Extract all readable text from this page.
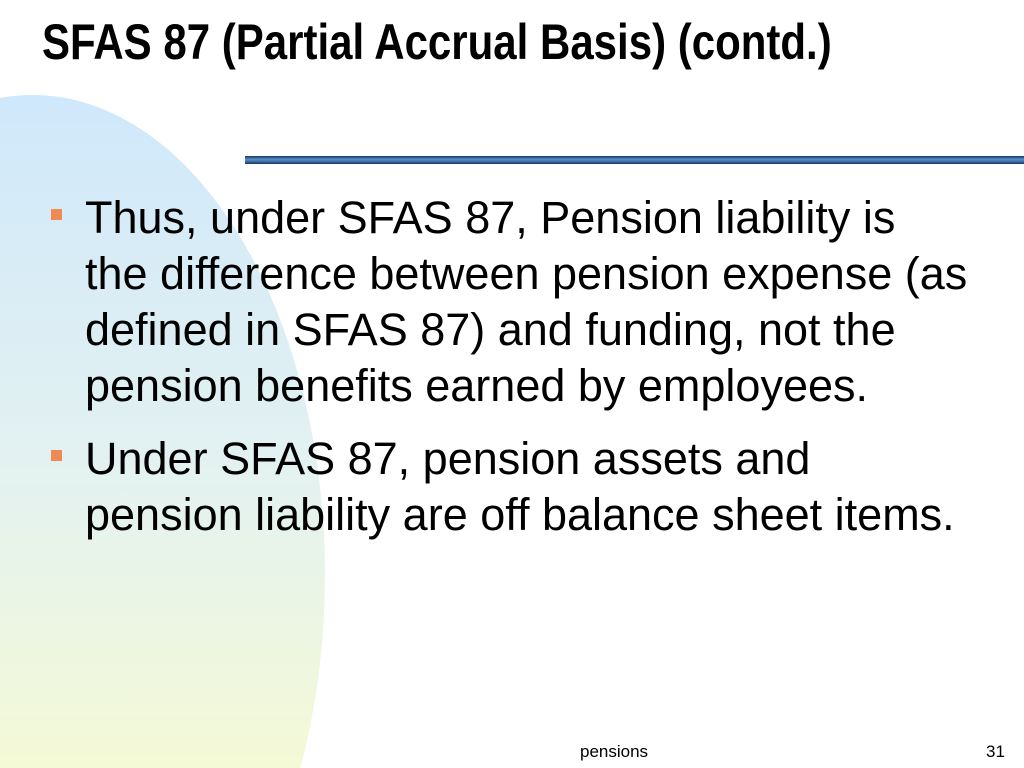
SFAS 87 (Partial Accrual Basis) (contd.)
Thus, under SFAS 87, Pension liability is the difference between pension expense (as defined in SFAS 87) and funding, not the pension benefits earned by employees.
Under SFAS 87, pension assets and pension liability are off balance sheet items.
pensions	31
